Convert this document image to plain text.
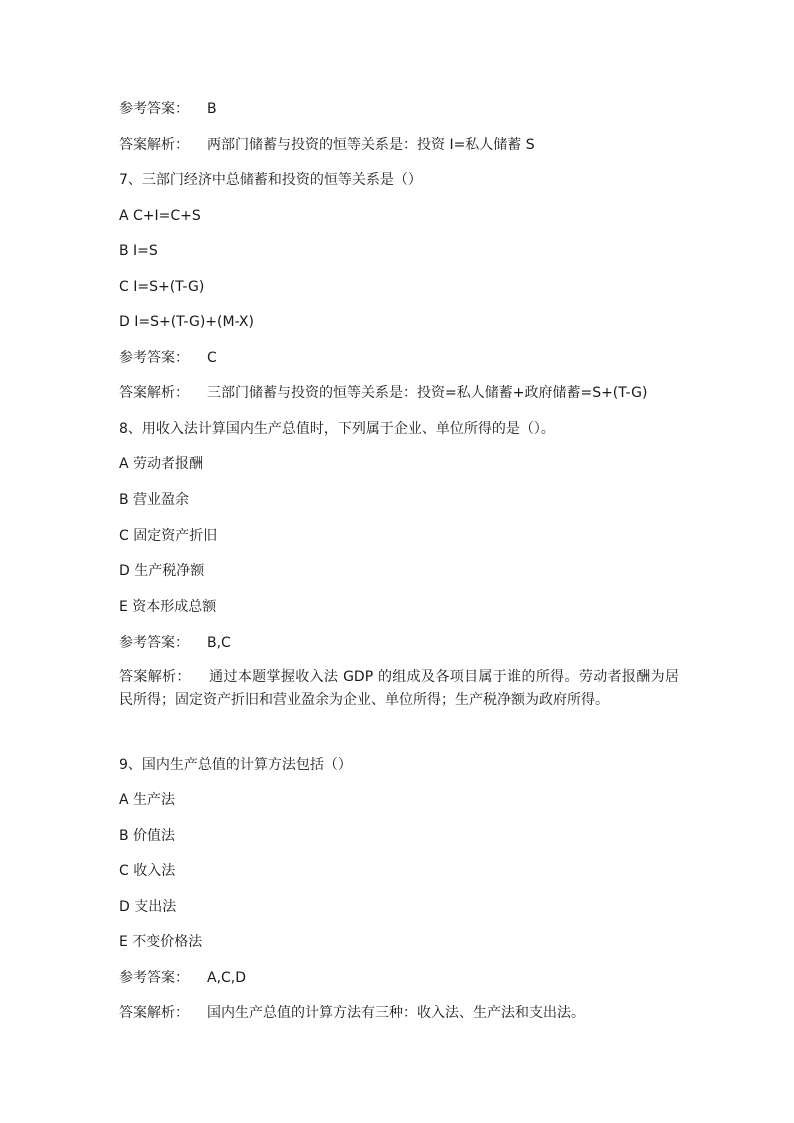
参考答案： B
答案解析： 两部门储蓄与投资的恒等关系是：投资 I=私人储蓄 S
7、三部门经济中总储蓄和投资的恒等关系是（）
A C+I=C+S
B I=S
C I=S+(T-G)
D I=S+(T-G)+(M-X)
参考答案： C
答案解析： 三部门储蓄与投资的恒等关系是：投资=私人储蓄+政府储蓄=S+(T-G)
8、用收入法计算国内生产总值时，下列属于企业、单位所得的是（）。
A 劳动者报酬
B 营业盈余
C 固定资产折旧
D 生产税净额
E 资本形成总额
参考答案： B,C
答案解析： 通过本题掌握收入法 GDP 的组成及各项目属于谁的所得。劳动者报酬为居民所得；固定资产折旧和营业盈余为企业、单位所得；生产税净额为政府所得。
9、国内生产总值的计算方法包括（）
A 生产法
B 价值法
C 收入法
D 支出法
E 不变价格法
参考答案： A,C,D
答案解析： 国内生产总值的计算方法有三种：收入法、生产法和支出法。
